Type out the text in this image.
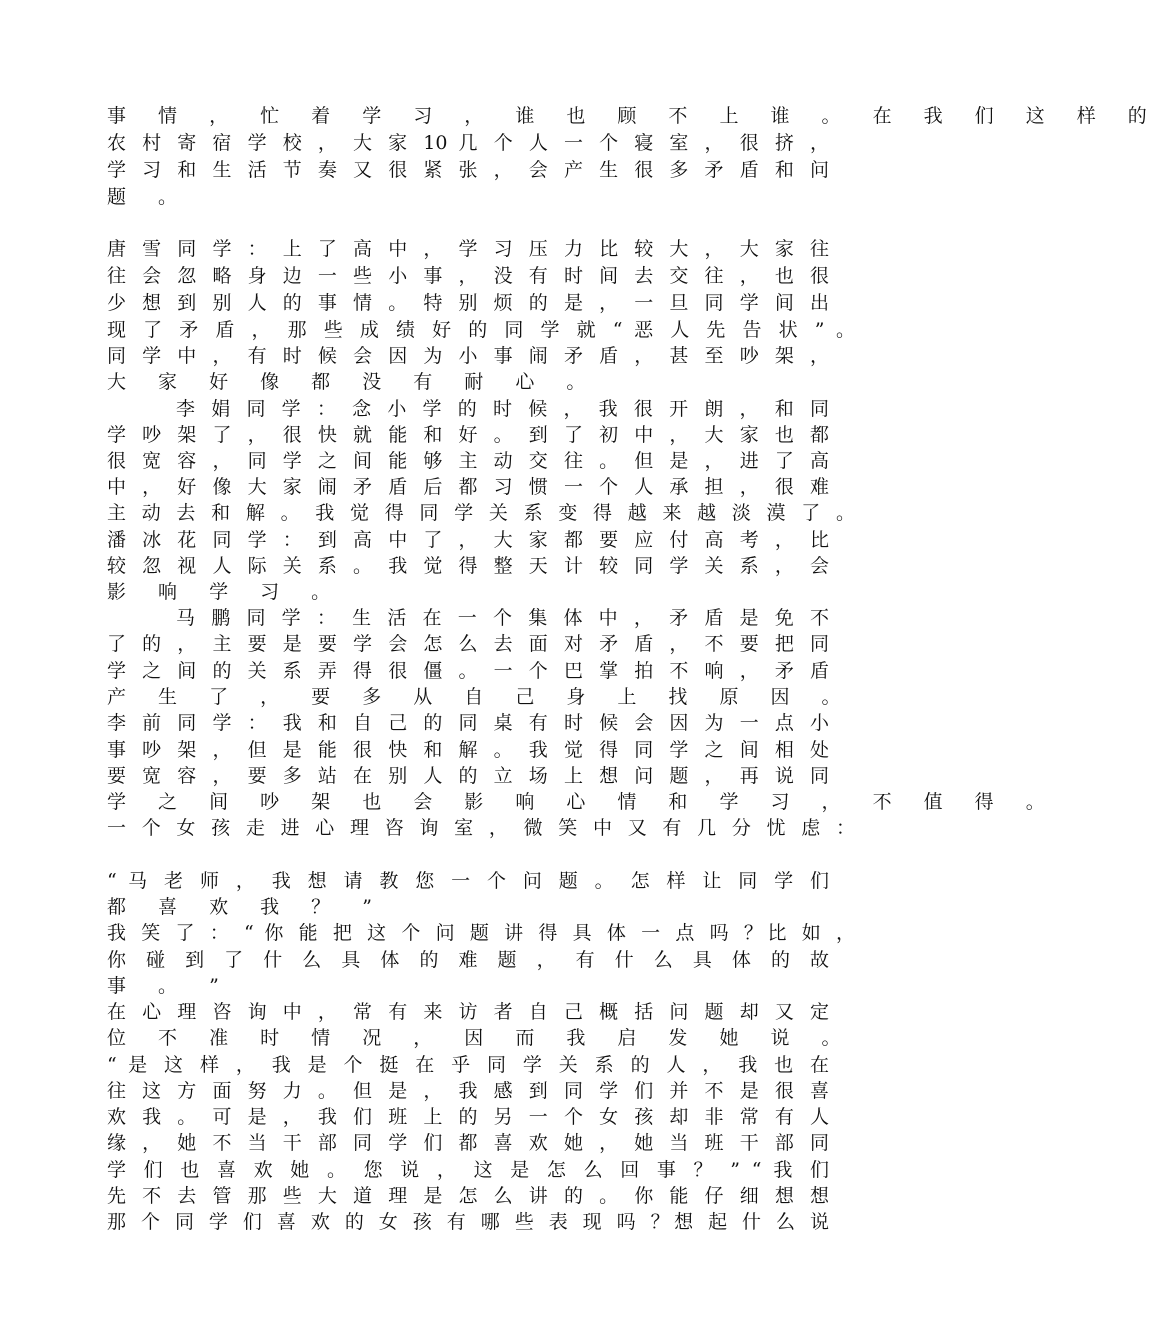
事 情 ， 忙 着 学 习 ， 谁 也 顾 不 上 谁 。 在 我 们 这 样 的
农 村 寄 宿 学 校 ， 大 家 10 几 个 人 一 个 寝 室 ， 很 挤 ，
学 习 和 生 活 节 奏 又 很 紧 张 ， 会 产 生 很 多 矛 盾 和 问
题 。
唐 雪 同 学 ： 上 了 高 中 ， 学 习 压 力 比 较 大 ， 大 家 往
往 会 忽 略 身 边 一 些 小 事 ， 没 有 时 间 去 交 往 ， 也 很
少 想 到 别 人 的 事 情 。 特 别 烦 的 是 ， 一 旦 同 学 间 出
现 了 矛 盾 ， 那 些 成 绩 好 的 同 学 就 “ 恶 人 先 告 状 ” 。
同 学 中 ， 有 时 候 会 因 为 小 事 闹 矛 盾 ， 甚 至 吵 架 ，
大 家 好 像 都 没 有 耐 心 。
李 娟 同 学 ： 念 小 学 的 时 候 ， 我 很 开 朗 ， 和 同
学 吵 架 了 ， 很 快 就 能 和 好 。 到 了 初 中 ， 大 家 也 都
很 宽 容 ， 同 学 之 间 能 够 主 动 交 往 。 但 是 ， 进 了 高
中 ， 好 像 大 家 闹 矛 盾 后 都 习 惯 一 个 人 承 担 ， 很 难
主 动 去 和 解 。 我 觉 得 同 学 关 系 变 得 越 来 越 淡 漠 了 。
潘 冰 花 同 学 ： 到 高 中 了 ， 大 家 都 要 应 付 高 考 ， 比
较 忽 视 人 际 关 系 。 我 觉 得 整 天 计 较 同 学 关 系 ， 会
影 响 学 习 。
马 鹏 同 学 ： 生 活 在 一 个 集 体 中 ， 矛 盾 是 免 不
了 的 ， 主 要 是 要 学 会 怎 么 去 面 对 矛 盾 ， 不 要 把 同
学 之 间 的 关 系 弄 得 很 僵 。 一 个 巴 掌 拍 不 响 ， 矛 盾
产 生 了 ， 要 多 从 自 己 身 上 找 原 因 。
李 前 同 学 ： 我 和 自 己 的 同 桌 有 时 候 会 因 为 一 点 小
事 吵 架 ， 但 是 能 很 快 和 解 。 我 觉 得 同 学 之 间 相 处
要 宽 容 ， 要 多 站 在 别 人 的 立 场 上 想 问 题 ， 再 说 同
学 之 间 吵 架 也 会 影 响 心 情 和 学 习 ， 不 值 得 。
一 个 女 孩 走 进 心 理 咨 询 室 ， 微 笑 中 又 有 几 分 忧 虑 ：
“ 马 老 师 ， 我 想 请 教 您 一 个 问 题 。 怎 样 让 同 学 们
都 喜 欢 我 ？ ”
我 笑 了 ： “ 你 能 把 这 个 问 题 讲 得 具 体 一 点 吗 ？比 如 ，
你 碰 到 了 什 么 具 体 的 难 题 ， 有 什 么 具 体 的 故
事 。 ”
在 心 理 咨 询 中 ， 常 有 来 访 者 自 己 概 括 问 题 却 又 定
位 不 准 时 情 况 ， 因 而 我 启 发 她 说 。
“ 是 这 样 ， 我 是 个 挺 在 乎 同 学 关 系 的 人 ， 我 也 在
往 这 方 面 努 力 。 但 是 ， 我 感 到 同 学 们 并 不 是 很 喜
欢 我 。 可 是 ， 我 们 班 上 的 另 一 个 女 孩 却 非 常 有 人
缘 ， 她 不 当 干 部 同 学 们 都 喜 欢 她 ， 她 当 班 干 部 同
学 们 也 喜 欢 她 。 您 说 ， 这 是 怎 么 回 事 ？ ” “ 我 们
先 不 去 管 那 些 大 道 理 是 怎 么 讲 的 。 你 能 仔 细 想 想
那 个 同 学 们 喜 欢 的 女 孩 有 哪 些 表 现 吗 ？想 起 什 么 说
